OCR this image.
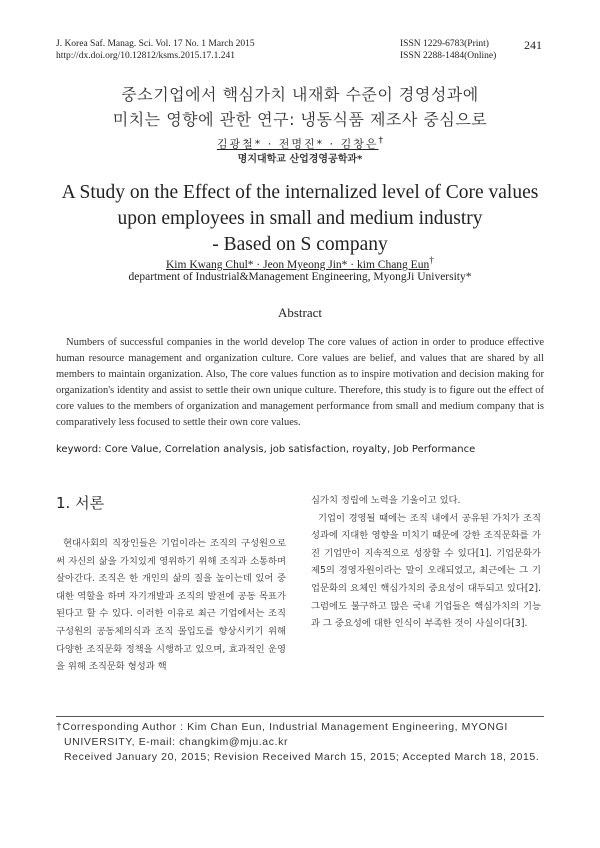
J. Korea Saf. Manag. Sci. Vol. 17 No. 1 March 2015
http://dx.doi.org/10.12812/ksms.2015.17.1.241
ISSN 1229-6783(Print)
ISSN 2288-1484(Online)
241
중소기업에서 핵심가치 내재화 수준이 경영성과에
미치는 영향에 관한 연구: 냉동식품 제조사 중심으로
김광철* · 전명진* · 김창은†
명지대학교 산업경영공학과*
A Study on the Effect of the internalized level of Core values
upon employees in small and medium industry
- Based on S company
Kim Kwang Chul* · Jeon Myeong Jin* · kim Chang Eun†
department of Industrial&Management Engineering, MyongJi University*
Abstract
Numbers of successful companies in the world develop The core values of action in order to produce effective human resource management and organization culture. Core values are belief, and values that are shared by all members to maintain organization. Also, The core values function as to inspire motivation and decision making for organization's identity and assist to settle their own unique culture. Therefore, this study is to figure out the effect of core values to the members of organization and management performance from small and medium company that is comparatively less focused to settle their own core values.
keyword: Core Value, Correlation analysis, job satisfaction, royalty, Job Performance
1. 서론

현대사회의 직장인들은 기업이라는 조직의 구성원으로써 자신의 삶을 가치있게 영위하기 위해 조직과 소통하며 살아간다. 조직은 한 개인의 삶의 질을 높이는데 있어 중대한 역할을 하며 자기개발과 조직의 발전에 공동 목표가 된다고 할 수 있다. 이러한 이유로 최근 기업에서는 조직구성원의 공동체의식과 조직 몰입도를 향상시키기 위해 다양한 조직문화 정책을 시행하고 있으며, 효과적인 운영을 위해 조직문화 형성과 핵

심가치 정립에 노력을 기울이고 있다.

기업이 경영될 때에는 조직 내에서 공유된 가치가 조직성과에 지대한 영향을 미치기 때문에 강한 조직문화를 가진 기업만이 지속적으로 성장할 수 있다[1]. 기업문화가 제5의 경영자원이라는 말이 오래되었고, 최근에는 그 기업문화의 요체인 핵심가치의 중요성이 대두되고 있다[2]. 그럼에도 불구하고 많은 국내 기업들은 핵심가치의 기능과 그 중요성에 대한 인식이 부족한 것이 사실이다[3].

†Corresponding Author : Kim Chan Eun, Industrial Management Engineering, MYONGI
UNIVERSITY, E-mail: changkim@mju.ac.kr
Received January 20, 2015; Revision Received March 15, 2015; Accepted March 18, 2015.
